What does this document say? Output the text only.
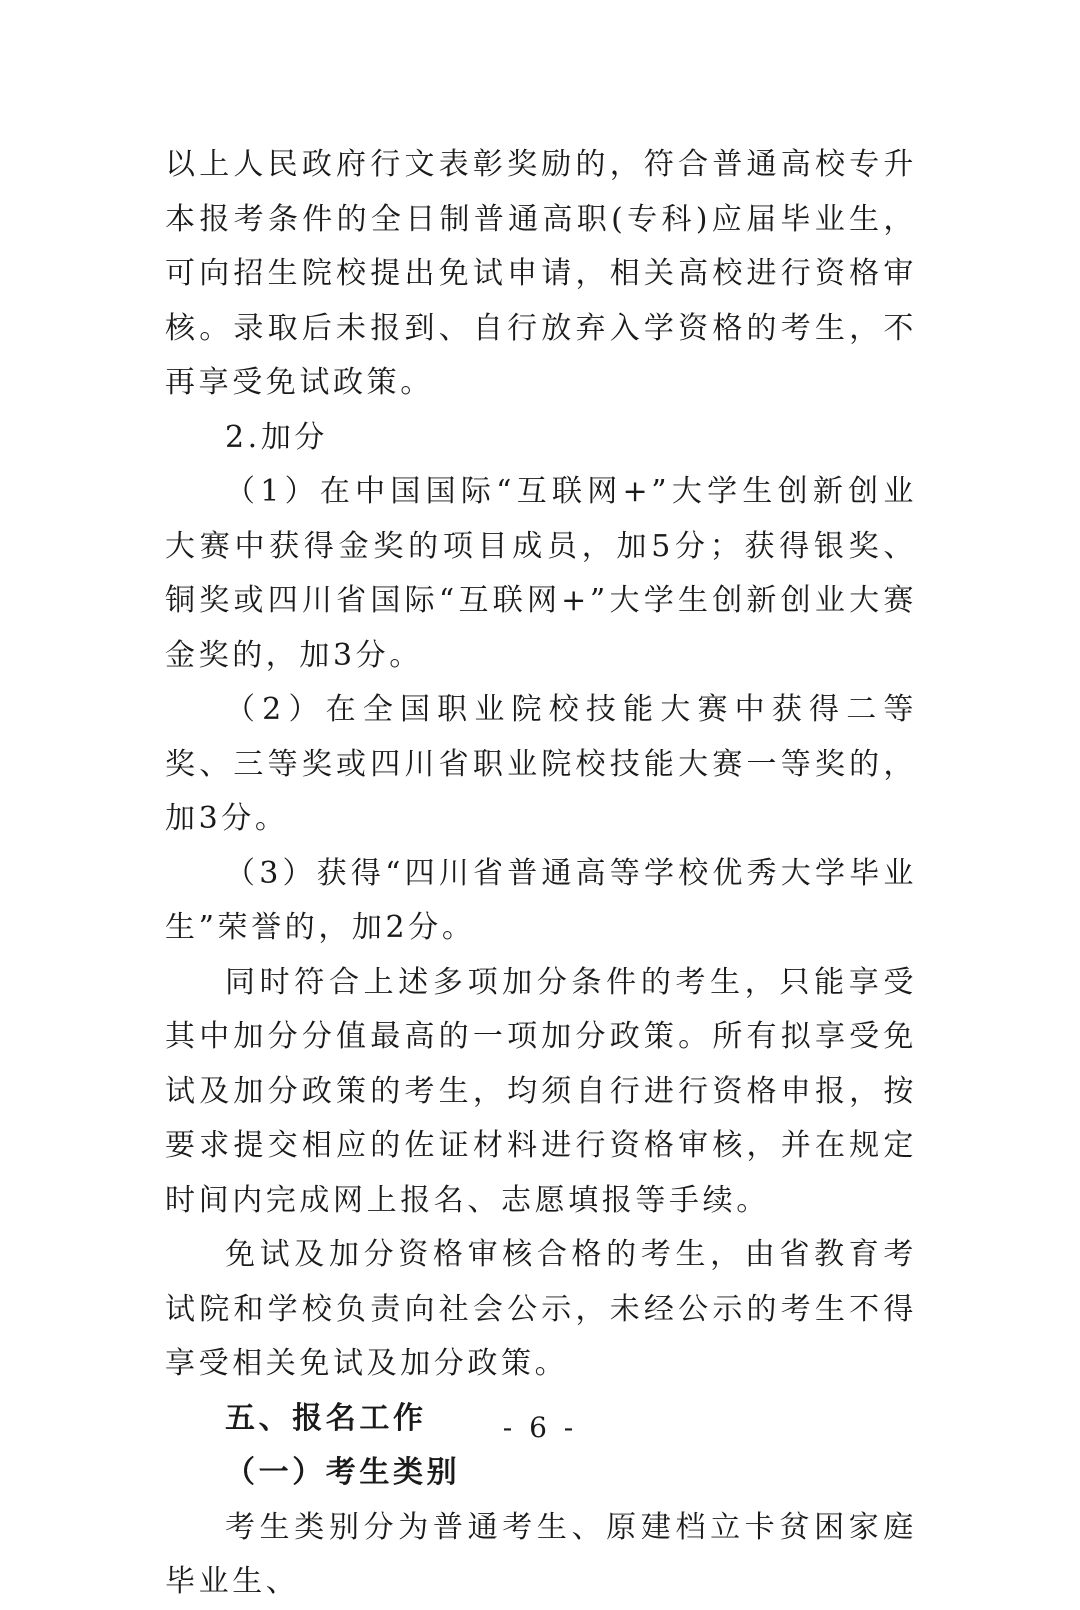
以上人民政府行文表彰奖励的，符合普通高校专升本报考条件的全日制普通高职(专科)应届毕业生，可向招生院校提出免试申请，相关高校进行资格审核。录取后未报到、自行放弃入学资格的考生，不再享受免试政策。

2.加分

（1）在中国国际“互联网+”大学生创新创业大赛中获得金奖的项目成员，加5分；获得银奖、铜奖或四川省国际“互联网+”大学生创新创业大赛金奖的，加3分。

（2）在全国职业院校技能大赛中获得二等奖、三等奖或四川省职业院校技能大赛一等奖的，加3分。

（3）获得“四川省普通高等学校优秀大学毕业生”荣誉的，加2分。

同时符合上述多项加分条件的考生，只能享受其中加分分值最高的一项加分政策。所有拟享受免试及加分政策的考生，均须自行进行资格申报，按要求提交相应的佐证材料进行资格审核，并在规定时间内完成网上报名、志愿填报等手续。

免试及加分资格审核合格的考生，由省教育考试院和学校负责向社会公示，未经公示的考生不得享受相关免试及加分政策。

五、报名工作

（一）考生类别

考生类别分为普通考生、原建档立卡贫困家庭毕业生、

- 6 -
